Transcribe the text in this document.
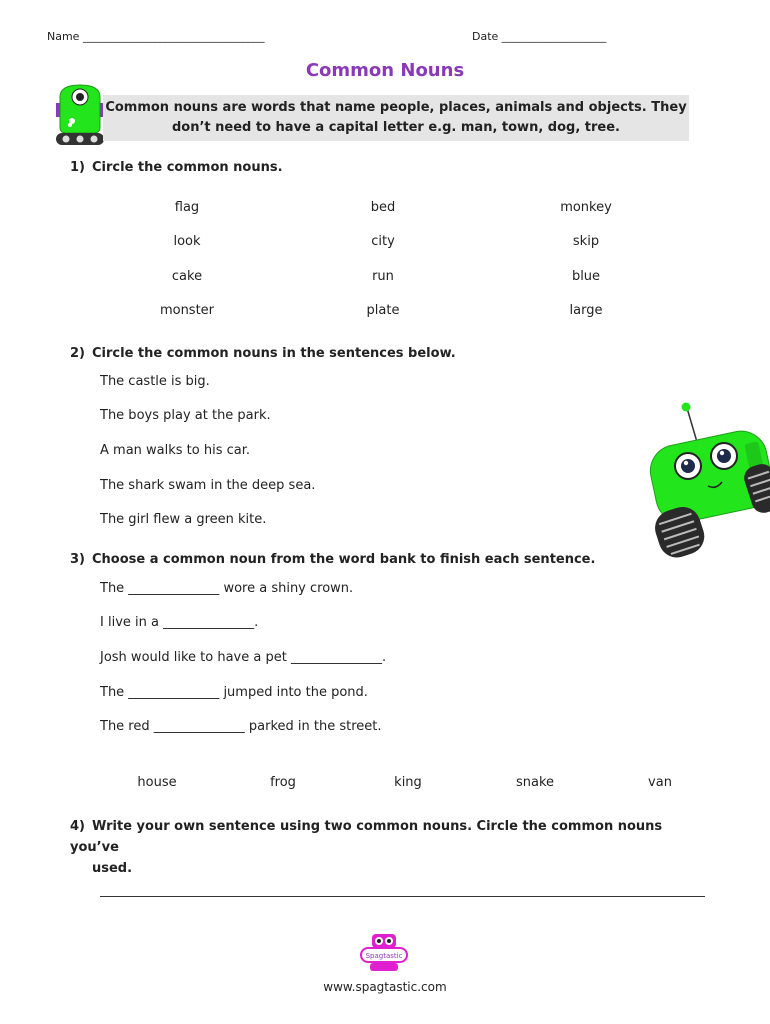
Name _________________________________	Date ___________________
Common Nouns
Common nouns are words that name people, places, animals and objects. They
don’t need to have a capital letter e.g. man, town, dog, tree.
1) Circle the common nouns.
flag	bed	monkey
look	city	skip
cake	run	blue
monster	plate	large
2) Circle the common nouns in the sentences below.
The castle is big.
The boys play at the park.
A man walks to his car.
The shark swam in the deep sea.
The girl flew a green kite.
3) Choose a common noun from the word bank to finish each sentence.
The ______________ wore a shiny crown.
I live in a ______________.
Josh would like to have a pet ______________.
The ______________ jumped into the pond.
The red ______________ parked in the street.
house	frog	king	snake	van
4) Write your own sentence using two common nouns. Circle the common nouns you’ve
used.
Spagtastic
www.spagtastic.com
